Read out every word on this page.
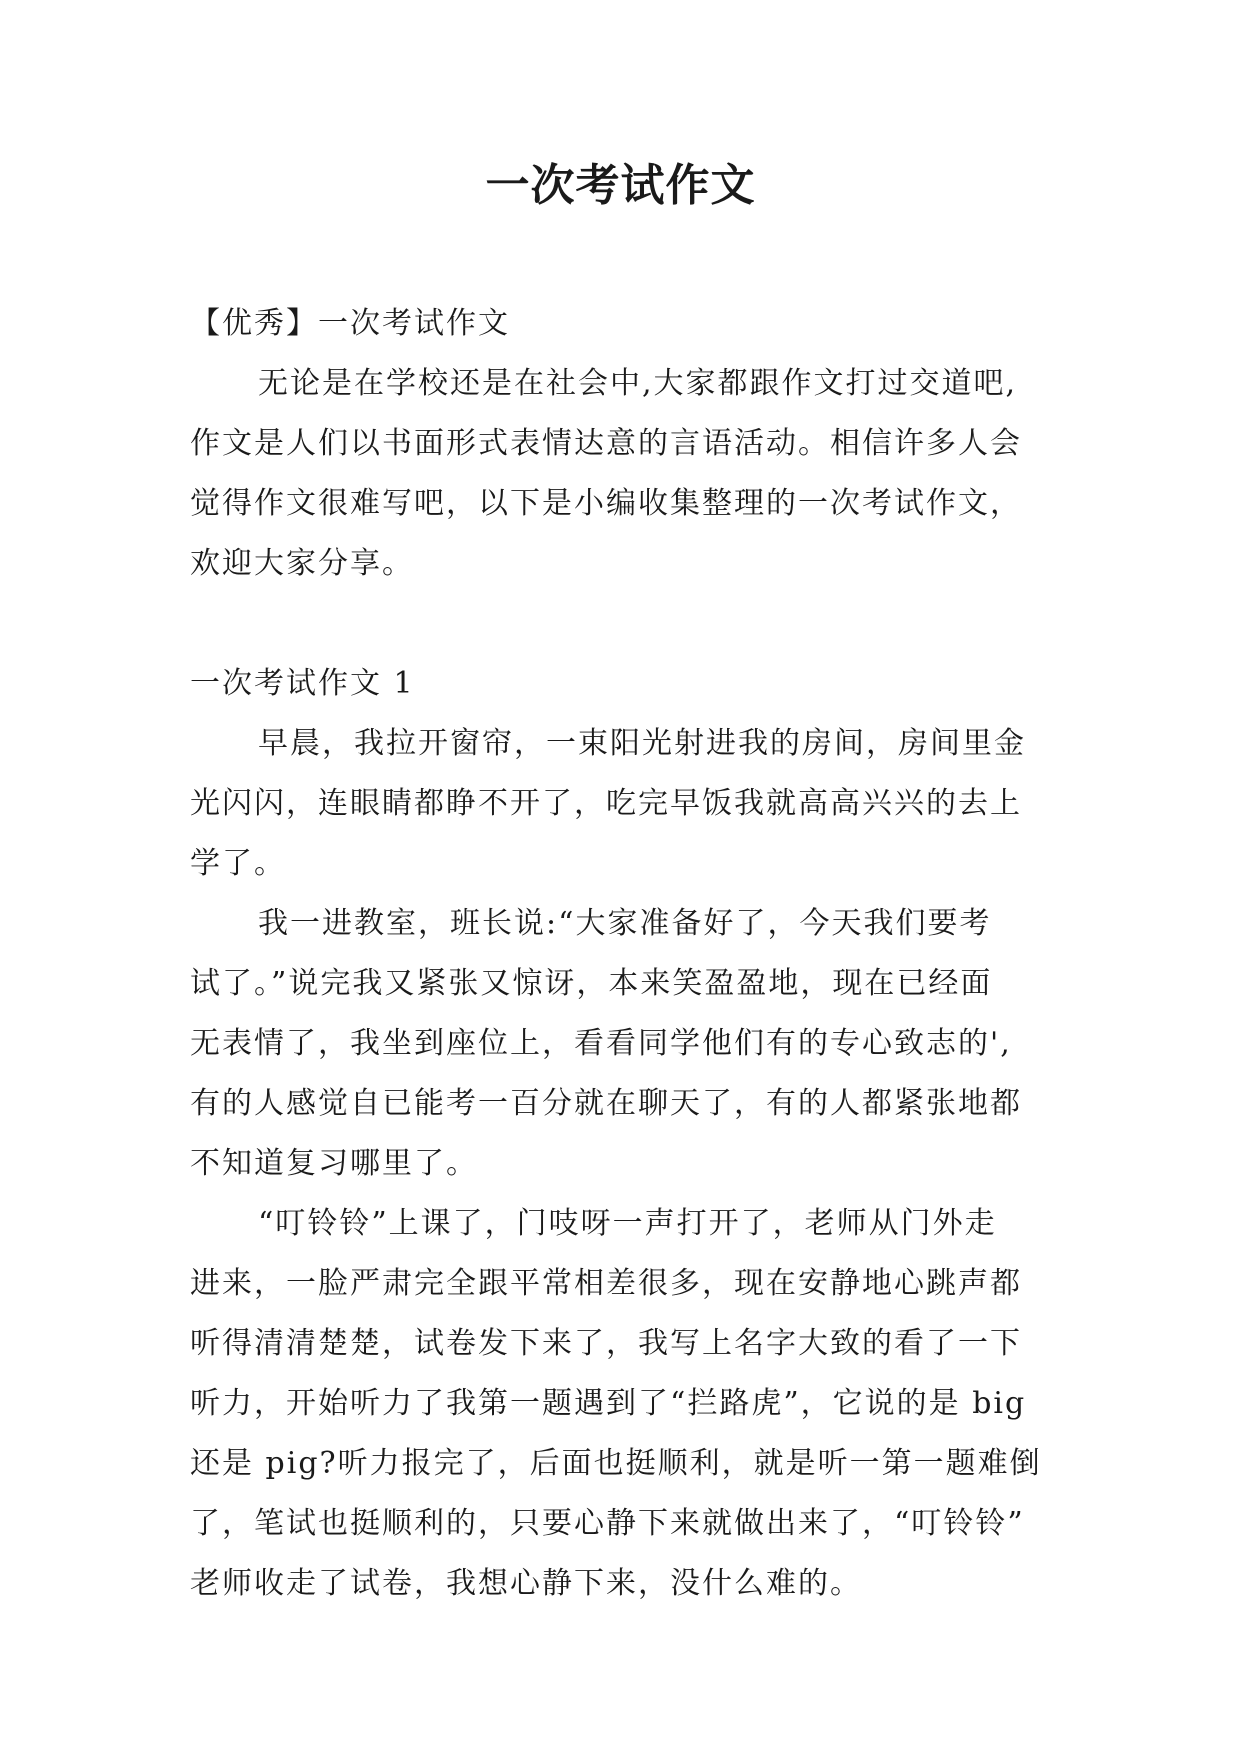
一次考试作文

【优秀】一次考试作文

无论是在学校还是在社会中,大家都跟作文打过交道吧,

作文是人们以书面形式表情达意的言语活动。相信许多人会

觉得作文很难写吧，以下是小编收集整理的一次考试作文，

欢迎大家分享。

一次考试作文 1

早晨，我拉开窗帘，一束阳光射进我的房间，房间里金

光闪闪，连眼睛都睁不开了，吃完早饭我就高高兴兴的去上

学了。

我一进教室，班长说:“大家准备好了，今天我们要考

试了。”说完我又紧张又惊讶，本来笑盈盈地，现在已经面

无表情了，我坐到座位上，看看同学他们有的专心致志的',

有的人感觉自已能考一百分就在聊天了，有的人都紧张地都

不知道复习哪里了。

“叮铃铃”上课了，门吱呀一声打开了，老师从门外走

进来，一脸严肃完全跟平常相差很多，现在安静地心跳声都

听得清清楚楚，试卷发下来了，我写上名字大致的看了一下

听力，开始听力了我第一题遇到了“拦路虎”，它说的是 big

还是 pig?听力报完了，后面也挺顺利，就是听一第一题难倒

了，笔试也挺顺利的，只要心静下来就做出来了，“叮铃铃”

老师收走了试卷，我想心静下来，没什么难的。
